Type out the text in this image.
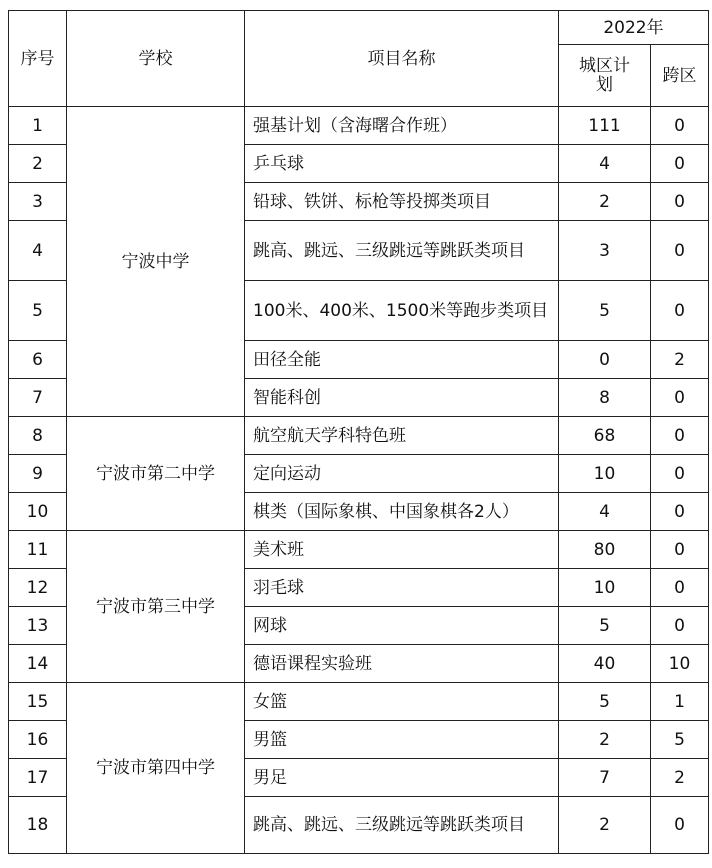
序号	学校	项目名称	2022年	
			城区计划	跨区
1	宁波中学	强基计划（含海曙合作班）	111	0
2		乒乓球	4	0
3		铅球、铁饼、标枪等投掷类项目	2	0
4		跳高、跳远、三级跳远等跳跃类项目	3	0
5		100米、400米、1500米等跑步类项目	5	0
6		田径全能	0	2
7		智能科创	8	0
8	宁波市第二中学	航空航天学科特色班	68	0
9		定向运动	10	0
10		棋类（国际象棋、中国象棋各2人）	4	0
11	宁波市第三中学	美术班	80	0
12		羽毛球	10	0
13		网球	5	0
14		德语课程实验班	40	10
15	宁波市第四中学	女篮	5	1
16		男篮	2	5
17		男足	7	2
18		跳高、跳远、三级跳远等跳跃类项目	2	0
